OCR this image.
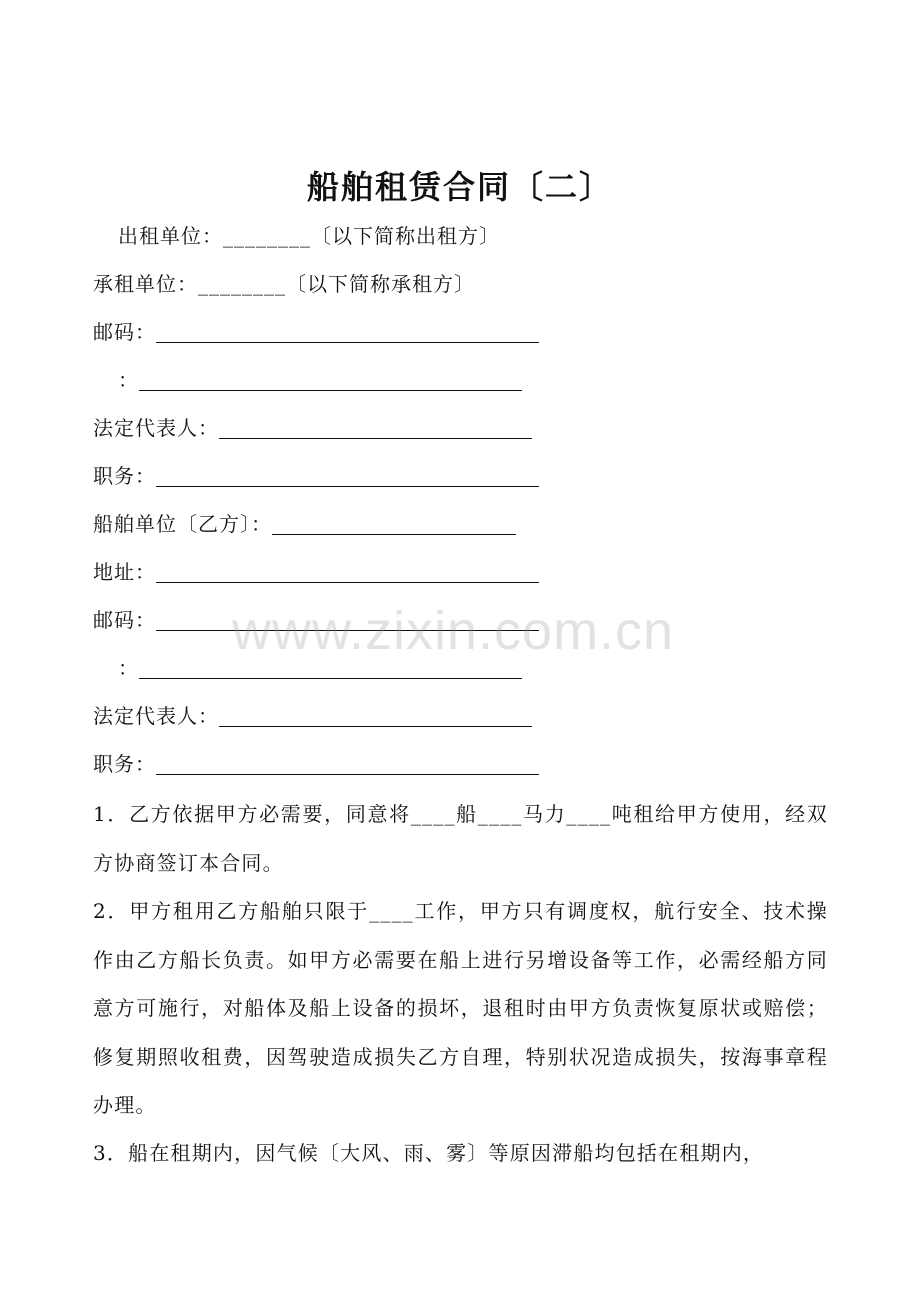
船舶租赁合同〔二〕
出租单位：________〔以下简称出租方〕
承租单位：________〔以下简称承租方〕
邮码：
：
法定代表人：
职务：
船舶单位〔乙方〕：
地址：
邮码：
：
法定代表人：
职务：

1．乙方依据甲方必需要，同意将____船____马力____吨租给甲方使用，经双方协商签订本合同。

2．甲方租用乙方船舶只限于____工作，甲方只有调度权，航行安全、技术操作由乙方船长负责。如甲方必需要在船上进行另增设备等工作，必需经船方同意方可施行，对船体及船上设备的损坏，退租时由甲方负责恢复原状或赔偿；修复期照收租费，因驾驶造成损失乙方自理，特别状况造成损失，按海事章程办理。

3．船在租期内，因气候〔大风、雨、雾〕等原因滞船均包括在租期内，

www.zixin.com.cn
